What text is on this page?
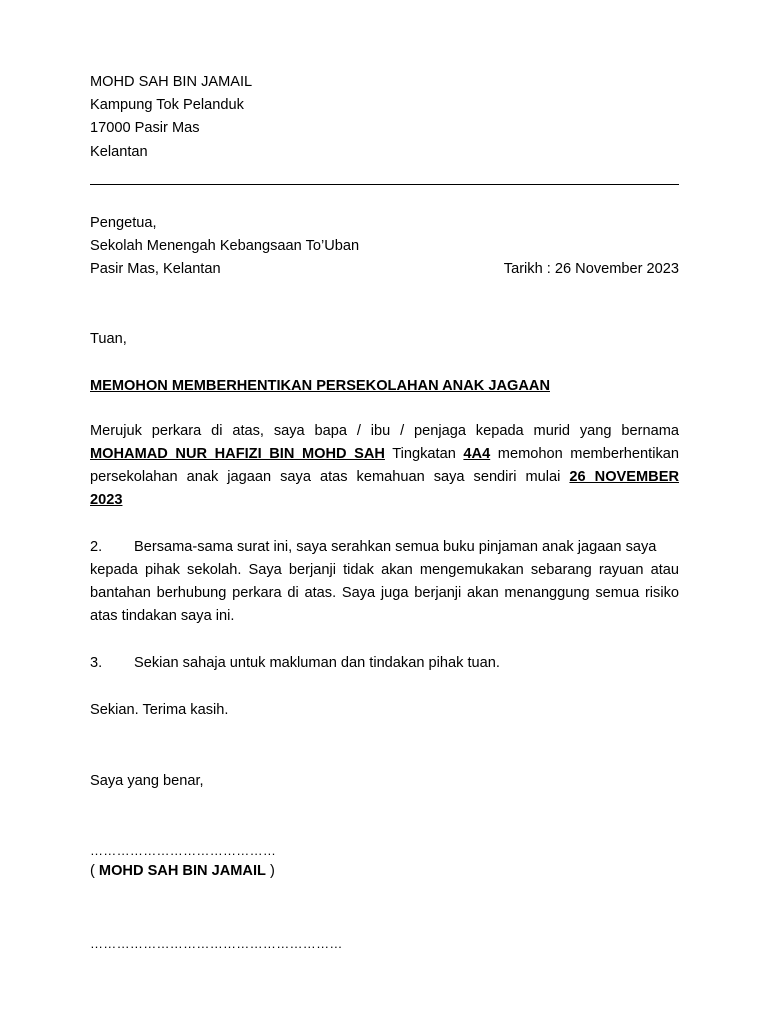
MOHD SAH BIN JAMAIL
Kampung Tok Pelanduk
17000 Pasir Mas
Kelantan
Pengetua,
Sekolah Menengah Kebangsaan To’Uban
Pasir Mas, Kelantan	Tarikh : 26 November 2023
Tuan,
MEMOHON MEMBERHENTIKAN PERSEKOLAHAN ANAK JAGAAN
Merujuk perkara di atas, saya bapa / ibu / penjaga kepada murid yang bernama
MOHAMAD NUR HAFIZI BIN MOHD SAH Tingkatan 4A4 memohon memberhentikan
persekolahan anak jagaan saya atas kemahuan saya sendiri mulai 26 NOVEMBER
2023
2. Bersama-sama surat ini, saya serahkan semua buku pinjaman anak jagaan saya
kepada pihak sekolah. Saya berjanji tidak akan mengemukakan sebarang rayuan atau
bantahan berhubung perkara di atas. Saya juga berjanji akan menanggung semua risiko
atas tindakan saya ini.
3. Sekian sahaja untuk makluman dan tindakan pihak tuan.
Sekian. Terima kasih.
Saya yang benar,
……………………………………
( MOHD SAH BIN JAMAIL )
…………………………………………………
